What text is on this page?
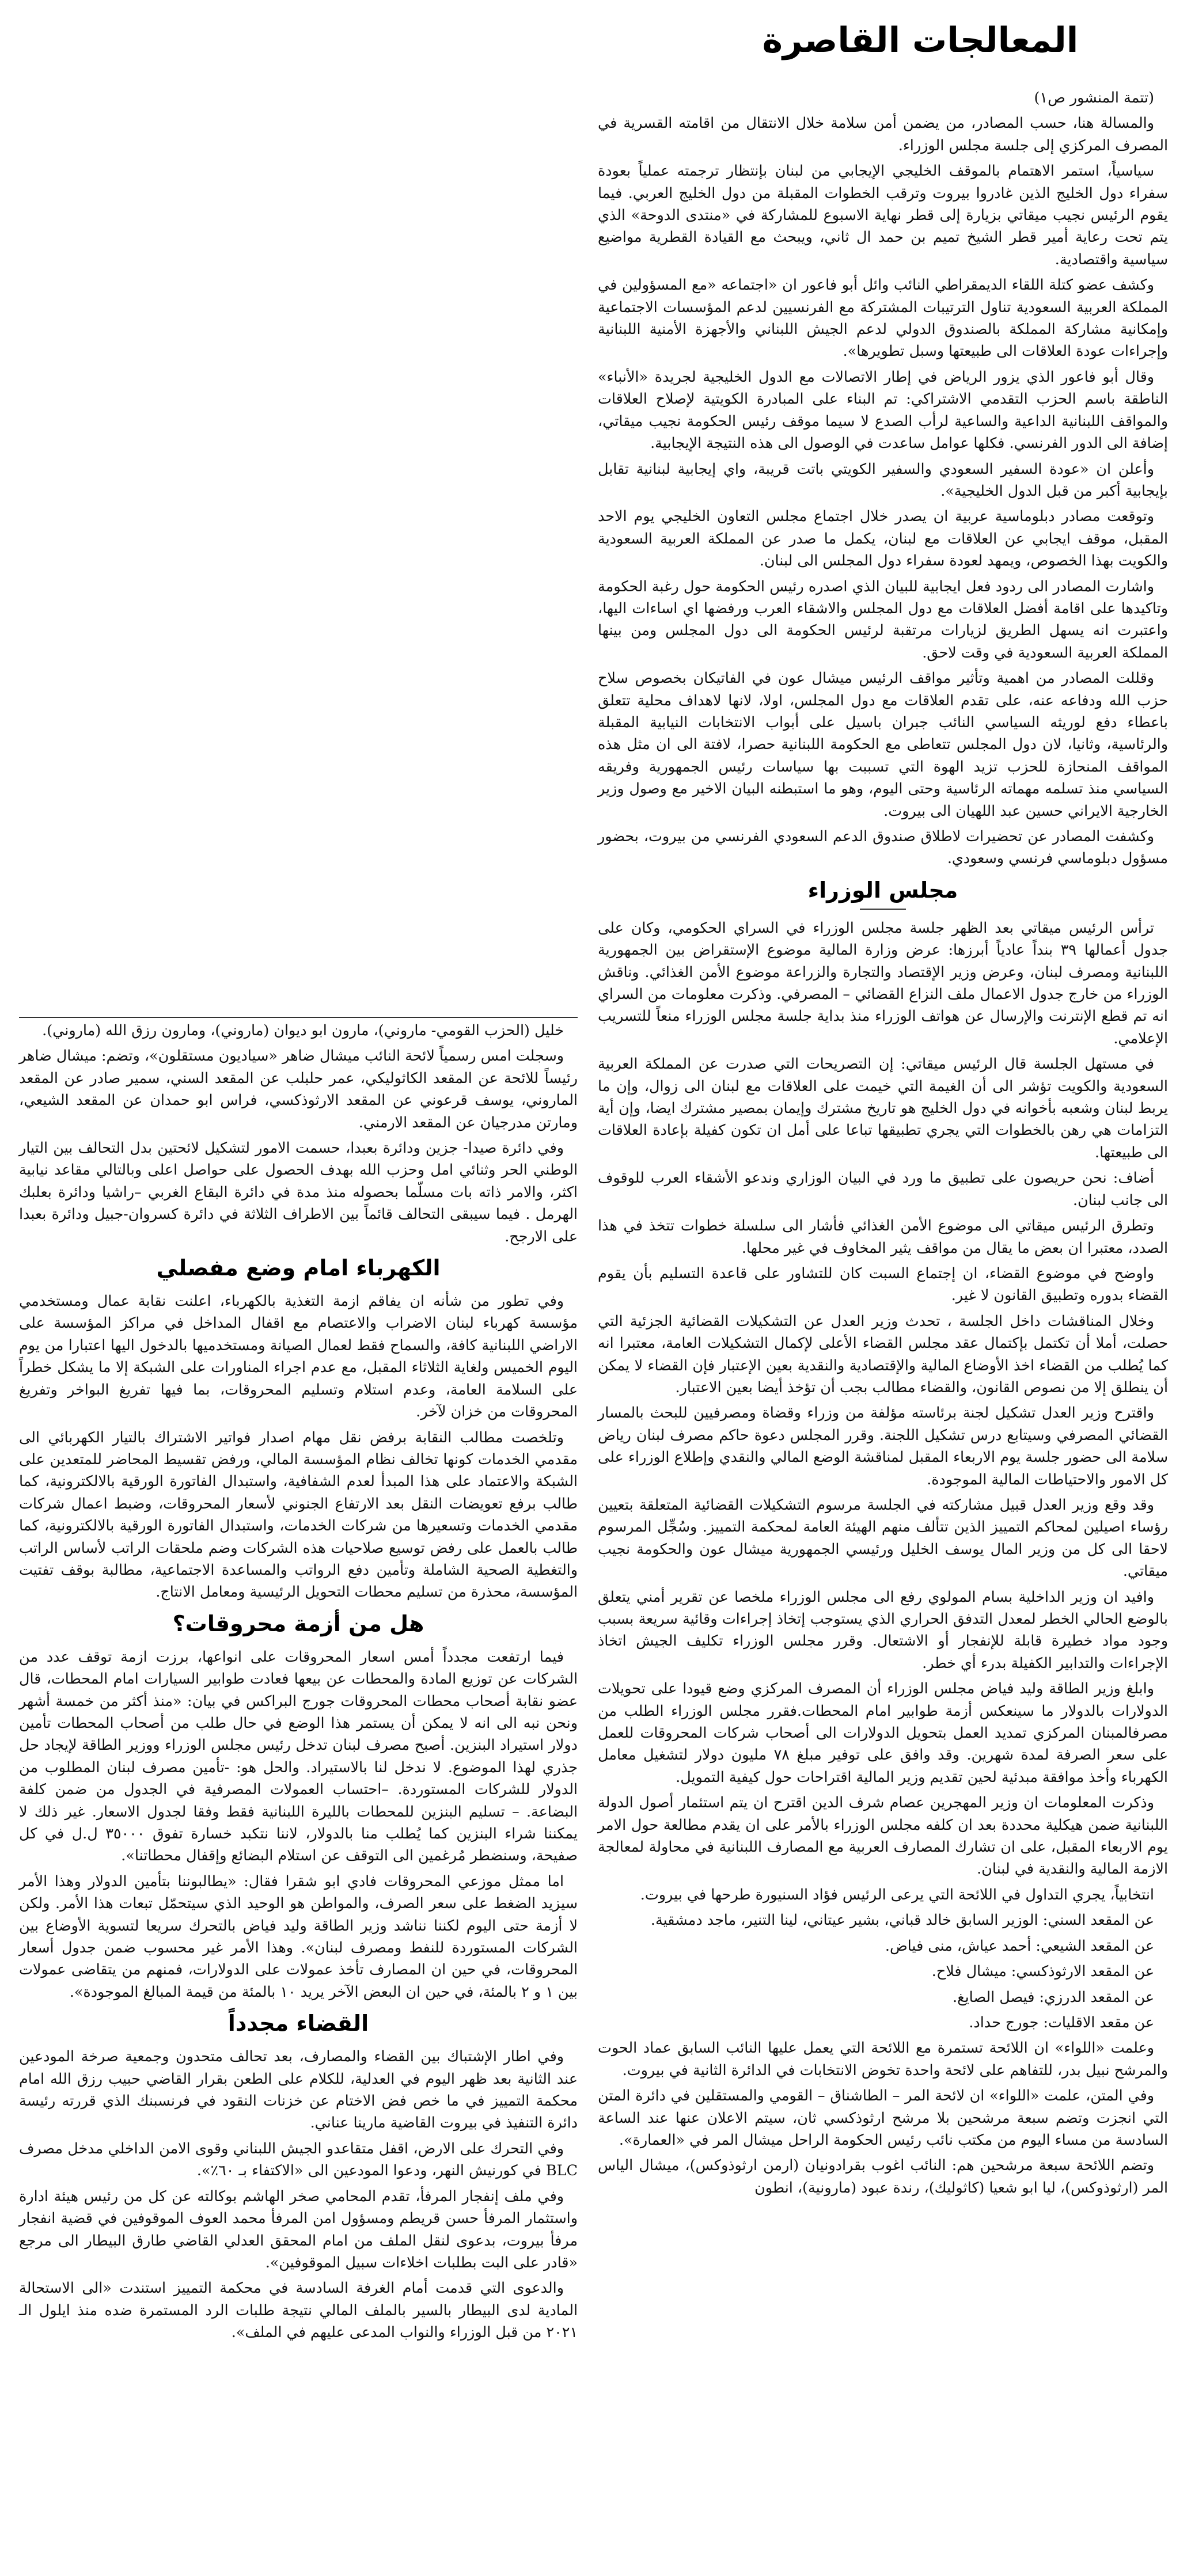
المعالجات القاصرة

(تتمة المنشور ص١)

والمسالة هنا، حسب المصادر، من يضمن أمن سلامة خلال الانتقال من اقامته القسرية في المصرف المركزي إلى جلسة مجلس الوزراء.

سياسياً، استمر الاهتمام بالموقف الخليجي الإيجابي من لبنان بإنتظار ترجمته عملياً بعودة سفراء دول الخليج الذين غادروا بيروت وترقب الخطوات المقبلة من دول الخليج العربي. فيما يقوم الرئيس نجيب ميقاتي بزيارة إلى قطر نهاية الاسبوع للمشاركة في «منتدى الدوحة» الذي يتم تحت رعاية أمير قطر الشيخ تميم بن حمد ال ثاني، ويبحث مع القيادة القطرية مواضيع سياسية واقتصادية.

وكشف عضو كتلة اللقاء الديمقراطي النائب وائل أبو فاعور ان «اجتماعه «مع المسؤولين في المملكة العربية السعودية تناول الترتيبات المشتركة مع الفرنسيين لدعم المؤسسات الاجتماعية وإمكانية مشاركة المملكة بالصندوق الدولي لدعم الجيش اللبناني والأجهزة الأمنية اللبنانية وإجراءات عودة العلاقات الى طبيعتها وسبل تطويرها».

وقال أبو فاعور الذي يزور الرياض في إطار الاتصالات مع الدول الخليجية لجريدة «الأنباء» الناطقة باسم الحزب التقدمي الاشتراكي: تم البناء على المبادرة الكويتية لإصلاح العلاقات والمواقف اللبنانية الداعية والساعية لرأب الصدع لا سيما موقف رئيس الحكومة نجيب ميقاتي، إضافة الى الدور الفرنسي. فكلها عوامل ساعدت في الوصول الى هذه النتيجة الإيجابية.

وأعلن ان «عودة السفير السعودي والسفير الكويتي باتت قريبة، واي إيجابية لبنانية تقابل بإيجابية أكبر من قبل الدول الخليجية».

وتوقعت مصادر دبلوماسية عربية ان يصدر خلال اجتماع مجلس التعاون الخليجي يوم الاحد المقبل، موقف ايجابي عن العلاقات مع لبنان، يكمل ما صدر عن المملكة العربية السعودية والكويت بهذا الخصوص، ويمهد لعودة سفراء دول المجلس الى لبنان.

واشارت المصادر الى ردود فعل ايجابية للبيان الذي اصدره رئيس الحكومة حول رغبة الحكومة وتاكيدها على اقامة أفضل العلاقات مع دول المجلس والاشقاء العرب ورفضها اي اساءات اليها، واعتبرت انه يسهل الطريق لزيارات مرتقبة لرئيس الحكومة الى دول المجلس ومن بينها المملكة العربية السعودية في وقت لاحق.

وقللت المصادر من اهمية وتأثير مواقف الرئيس ميشال عون في الفاتيكان بخصوص سلاح حزب الله ودفاعه عنه، على تقدم العلاقات مع دول المجلس، اولا، لانها لاهداف محلية تتعلق باعطاء دفع لوريثه السياسي النائب جبران باسيل على أبواب الانتخابات النيابية المقبلة والرئاسية، وثانيا، لان دول المجلس تتعاطى مع الحكومة اللبنانية حصرا، لافتة الى ان مثل هذه المواقف المنحازة للحزب تزيد الهوة التي تسببت بها سياسات رئيس الجمهورية وفريقه السياسي منذ تسلمه مهماته الرئاسية وحتى اليوم، وهو ما استبطنه البيان الاخير مع وصول وزير الخارجية الايراني حسين عبد اللهيان الى بيروت.

وكشفت المصادر عن تحضيرات لاطلاق صندوق الدعم السعودي الفرنسي من بيروت، بحضور مسؤول دبلوماسي فرنسي وسعودي.

مجلس الوزراء

ترأس الرئيس ميقاتي بعد الظهر جلسة مجلس الوزراء في السراي الحكومي، وكان على جدول أعمالها ٣٩ بنداً عادياً أبرزها: عرض وزارة المالية موضوع الإستقراض بين الجمهورية اللبنانية ومصرف لبنان، وعرض وزير الإقتصاد والتجارة والزراعة موضوع الأمن الغذائي. وناقش الوزراء من خارج جدول الاعمال ملف النزاع القضائي – المصرفي. وذكرت معلومات من السراي انه تم قطع الإنترنت والإرسال عن هواتف الوزراء منذ بداية جلسة مجلس الوزراء منعاً للتسريب الإعلامي.

في مستهل الجلسة قال الرئيس ميقاتي: إن التصريحات التي صدرت عن المملكة العربية السعودية والكويت تؤشر الى أن الغيمة التي خيمت على العلاقات مع لبنان الى زوال، وإن ما يربط لبنان وشعبه بأخوانه في دول الخليج هو تاريخ مشترك وإيمان بمصير مشترك ايضا، وإن أية التزامات هي رهن بالخطوات التي يجري تطبيقها تباعا على أمل ان تكون كفيلة بإعادة العلاقات الى طبيعتها.

أضاف: نحن حريصون على تطبيق ما ورد في البيان الوزاري وندعو الأشقاء العرب للوقوف الى جانب لبنان.

وتطرق الرئيس ميقاتي الى موضوع الأمن الغذائي فأشار الى سلسلة خطوات تتخذ في هذا الصدد، معتبرا ان بعض ما يقال من مواقف يثير المخاوف في غير محلها.

واوضح في موضوع القضاء، ان إجتماع السبت كان للتشاور على قاعدة التسليم بأن يقوم القضاء بدوره وتطبيق القانون لا غير.

وخلال المناقشات داخل الجلسة ، تحدث وزير العدل عن التشكيلات القضائية الجزئية التي حصلت، أملا أن تكتمل بإكتمال عقد مجلس القضاء الأعلى لإكمال التشكيلات العامة، معتبرا انه كما يُطلب من القضاء اخذ الأوضاع المالية والإقتصادية والنقدية بعين الإعتبار فإن القضاء لا يمكن أن ينطلق إلا من نصوص القانون، والقضاء مطالب بجب أن تؤخذ أيضا بعين الاعتبار.

واقترح وزير العدل تشكيل لجنة برئاسته مؤلفة من وزراء وقضاة ومصرفيين للبحث بالمسار القضائي المصرفي وسيتابع درس تشكيل اللجنة. وقرر المجلس دعوة حاكم مصرف لبنان رياض سلامة الى حضور جلسة يوم الاربعاء المقبل لمناقشة الوضع المالي والنقدي وإطلاع الوزراء على كل الامور والاحتياطات المالية الموجودة.

وقد وقع وزير العدل قبيل مشاركته في الجلسة مرسوم التشكيلات القضائية المتعلقة بتعيين رؤساء اصيلين لمحاكم التمييز الذين تتألف منهم الهيئة العامة لمحكمة التمييز. وسُجِّل المرسوم لاحقا الى كل من وزير المال يوسف الخليل ورئيسي الجمهورية ميشال عون والحكومة نجيب ميقاتي.

وافيد ان وزير الداخلية بسام المولوي رفع الى مجلس الوزراء ملخصا عن تقرير أمني يتعلق بالوضع الحالي الخطر لمعدل التدفق الحراري الذي يستوجب إتخاذ إجراءات وقائية سريعة بسبب وجود مواد خطيرة قابلة للإنفجار أو الاشتعال. وقرر مجلس الوزراء تكليف الجيش اتخاذ الإجراءات والتدابير الكفيلة بدرء أي خطر.

وابلغ وزير الطاقة وليد فياض مجلس الوزراء أن المصرف المركزي وضع قيودا على تحويلات الدولارات بالدولار ما سينعكس أزمة طوابير امام المحطات.فقرر مجلس الوزراء الطلب من مصرفالمبنان المركزي تمديد العمل بتحويل الدولارات الى أصحاب شركات المحروقات للعمل على سعر الصرفة لمدة شهرين. وقد وافق على توفير مبلغ ٧٨ مليون دولار لتشغيل معامل الكهرباء وأخذ موافقة مبدئية لحين تقديم وزير المالية اقتراحات حول كيفية التمويل.

وذكرت المعلومات ان وزير المهجرين عصام شرف الدين اقترح ان يتم استئمار أصول الدولة اللبنانية ضمن هيكلية محددة بعد ان كلفه مجلس الوزراء بالأمر على ان يقدم مطالعة حول الامر يوم الاربعاء المقبل، على ان تشارك المصارف العربية مع المصارف اللبنانية في محاولة لمعالجة الازمة المالية والنقدية في لبنان.

انتخابياً، يجري التداول في اللائحة التي يرعى الرئيس فؤاد السنيورة طرحها في بيروت.

عن المقعد السني: الوزير السابق خالد قباني، بشير عيتاني، لينا التنير، ماجد دمشقية.

عن المقعد الشيعي: أحمد عياش، منى فياض.

عن المقعد الارثوذكسي: ميشال فلاح.

عن المقعد الدرزي: فيصل الصايغ.

عن مقعد الاقليات: جورج حداد.

وعلمت «اللواء» ان اللائحة تستمرة مع اللائحة التي يعمل عليها النائب السابق عماد الحوت والمرشح نبيل بدر، للتفاهم على لائحة واحدة تخوض الانتخابات في الدائرة الثانية في بيروت.

وفي المتن، علمت «اللواء» ان لائحة المر – الطاشناق – القومي والمستقلين في دائرة المتن التي انجزت وتضم سبعة مرشحين بلا مرشح ارثوذكسي ثان، سيتم الاعلان عنها عند الساعة السادسة من مساء اليوم من مكتب نائب رئيس الحكومة الراحل ميشال المر في «العمارة».

وتضم اللائحة سبعة مرشحين هم: النائب اغوب بقرادونيان (ارمن ارثوذوكس)، ميشال الياس المر (ارثوذوكس)، ليا ابو شعيا (كاثوليك)، رندة عبود (مارونية)، انطون

خليل (الحزب القومي- ماروني)، مارون ابو ديوان (ماروني)، ومارون رزق الله (ماروني).

وسجلت امس رسمياً لائحة النائب ميشال ضاهر «سياديون مستقلون»، وتضم: ميشال ضاهر رئيساً للائحة عن المقعد الكاثوليكي، عمر حلبلب عن المقعد السني، سمير صادر عن المقعد الماروني، يوسف قرعوني عن المقعد الارثوذكسي، فراس ابو حمدان عن المقعد الشيعي، ومارتن مدرجيان عن المقعد الارمني.

وفي دائرة صيدا- جزين ودائرة بعبدا، حسمت الامور لتشكيل لائحتين بدل التحالف بين التيار الوطني الحر وثنائي امل وحزب الله بهدف الحصول على حواصل اعلى وبالتالي مقاعد نيابية اكثر، والامر ذاته بات مسلّما بحصوله منذ مدة في دائرة البقاع الغربي –راشيا ودائرة بعلبك الهرمل . فيما سيبقى التحالف قائماً بين الاطراف الثلاثة في دائرة كسروان-جبيل ودائرة بعبدا على الارجح.

الكهرباء امام وضع مفصلي

وفي تطور من شأنه ان يفاقم ازمة التغذية بالكهرباء، اعلنت نقابة عمال ومستخدمي مؤسسة كهرباء لبنان الاضراب والاعتصام مع اقفال المداخل في مراكز المؤسسة على الاراضي اللبنانية كافة، والسماح فقط لعمال الصيانة ومستخدميها بالدخول اليها اعتبارا من يوم اليوم الخميس ولغاية الثلاثاء المقبل، مع عدم اجراء المناورات على الشبكة إلا ما يشكل خطراً على السلامة العامة، وعدم استلام وتسليم المحروقات، بما فيها تفريغ البواخر وتفريغ المحروقات من خزان لآخر.

وتلخصت مطالب النقابة برفض نقل مهام اصدار فواتير الاشتراك بالتيار الكهربائي الى مقدمي الخدمات كونها تخالف نظام المؤسسة المالي، ورفض تقسيط المحاضر للمتعدين على الشبكة والاعتماد على هذا المبدأ لعدم الشفافية، واستبدال الفاتورة الورقية بالالكترونية، كما طالب برفع تعويضات النقل بعد الارتفاع الجنوني لأسعار المحروقات، وضبط اعمال شركات مقدمي الخدمات وتسعيرها من شركات الخدمات، واستبدال الفاتورة الورقية بالالكترونية، كما طالب بالعمل على رفض توسيع صلاحيات هذه الشركات وضم ملحقات الراتب لأساس الراتب والتغطية الصحية الشاملة وتأمين دفع الرواتب والمساعدة الاجتماعية، مطالبة بوقف تفتيت المؤسسة، محذرة من تسليم محطات التحويل الرئيسية ومعامل الانتاج.

هل من أزمة محروقات؟

فيما ارتفعت مجدداً أمس اسعار المحروقات على انواعها، برزت ازمة توقف عدد من الشركات عن توزيع المادة والمحطات عن بيعها فعادت طوابير السيارات امام المحطات، قال عضو نقابة أصحاب محطات المحروقات جورج البراكس في بيان: «منذ أكثر من خمسة أشهر ونحن نبه الى انه لا يمكن أن يستمر هذا الوضع في حال طلب من أصحاب المحطات تأمين دولار استيراد البنزين. أصبح مصرف لبنان تدخل رئيس مجلس الوزراء ووزير الطاقة لإيجاد حل جذري لهذا الموضوع. لا ندخل لنا بالاستيراد. والحل هو: -تأمين مصرف لبنان المطلوب من الدولار للشركات المستوردة. –احتساب العمولات المصرفية في الجدول من ضمن كلفة البضاعة. – تسليم البنزين للمحطات بالليرة اللبنانية فقط وفقا لجدول الاسعار. غير ذلك لا يمكننا شراء البنزين كما يُطلب منا بالدولار، لاننا نتكبد خسارة تفوق ٣٥٠٠٠ ل.ل في كل صفيحة، وسنضطر مُرغمين الى التوقف عن استلام البضائع وإقفال محطاتنا».

اما ممثل موزعي المحروقات فادي ابو شقرا فقال: «يطالبوننا بتأمين الدولار وهذا الأمر سيزيد الضغط على سعر الصرف، والمواطن هو الوحيد الذي سيتحمّل تبعات هذا الأمر. ولكن لا أزمة حتى اليوم لكننا نناشد وزير الطاقة وليد فياض بالتحرك سريعا لتسوية الأوضاع بين الشركات المستوردة للنفط ومصرف لبنان». وهذا الأمر غير محسوب ضمن جدول أسعار المحروقات، في حين ان المصارف تأخذ عمولات على الدولارات، فمنهم من يتقاضى عمولات بين ١ و ٢ بالمئة، في حين ان البعض الآخر يريد ١٠ بالمئة من قيمة المبالغ الموجودة».

القضاء مجدداً

وفي اطار الإشتباك بين القضاء والمصارف، بعد تحالف متحدون وجمعية صرخة المودعين عند الثانية بعد ظهر اليوم في العدلية، للكلام على الطعن بقرار القاضي حبيب رزق الله امام محكمة التمييز في ما خص فض الاختام عن خزنات النقود في فرنسبنك الذي قررته رئيسة دائرة التنفيذ في بيروت القاضية مارينا عناني.

وفي التحرك على الارض، اقفل متقاعدو الجيش اللبناني وقوى الامن الداخلي مدخل مصرف BLC في كورنيش النهر، ودعوا المودعين الى «الاكتفاء بـ ٦٠٪».

وفي ملف إنفجار المرفأ، تقدم المحامي صخر الهاشم بوكالته عن كل من رئيس هيئة ادارة واستثمار المرفأ حسن قريطم ومسؤول امن المرفأ محمد العوف الموقوفين في قضية انفجار مرفأ بيروت، بدعوى لنقل الملف من امام المحقق العدلي القاضي طارق البيطار الى مرجع «قادر على البت بطلبات اخلاءات سبيل الموقوفين».

والدعوى التي قدمت أمام الغرفة السادسة في محكمة التمييز استندت «الى الاستحالة المادية لدى البيطار بالسير بالملف المالي نتيجة طلبات الرد المستمرة ضده منذ ايلول الـ ٢٠٢١ من قبل الوزراء والنواب المدعى عليهم في الملف».
